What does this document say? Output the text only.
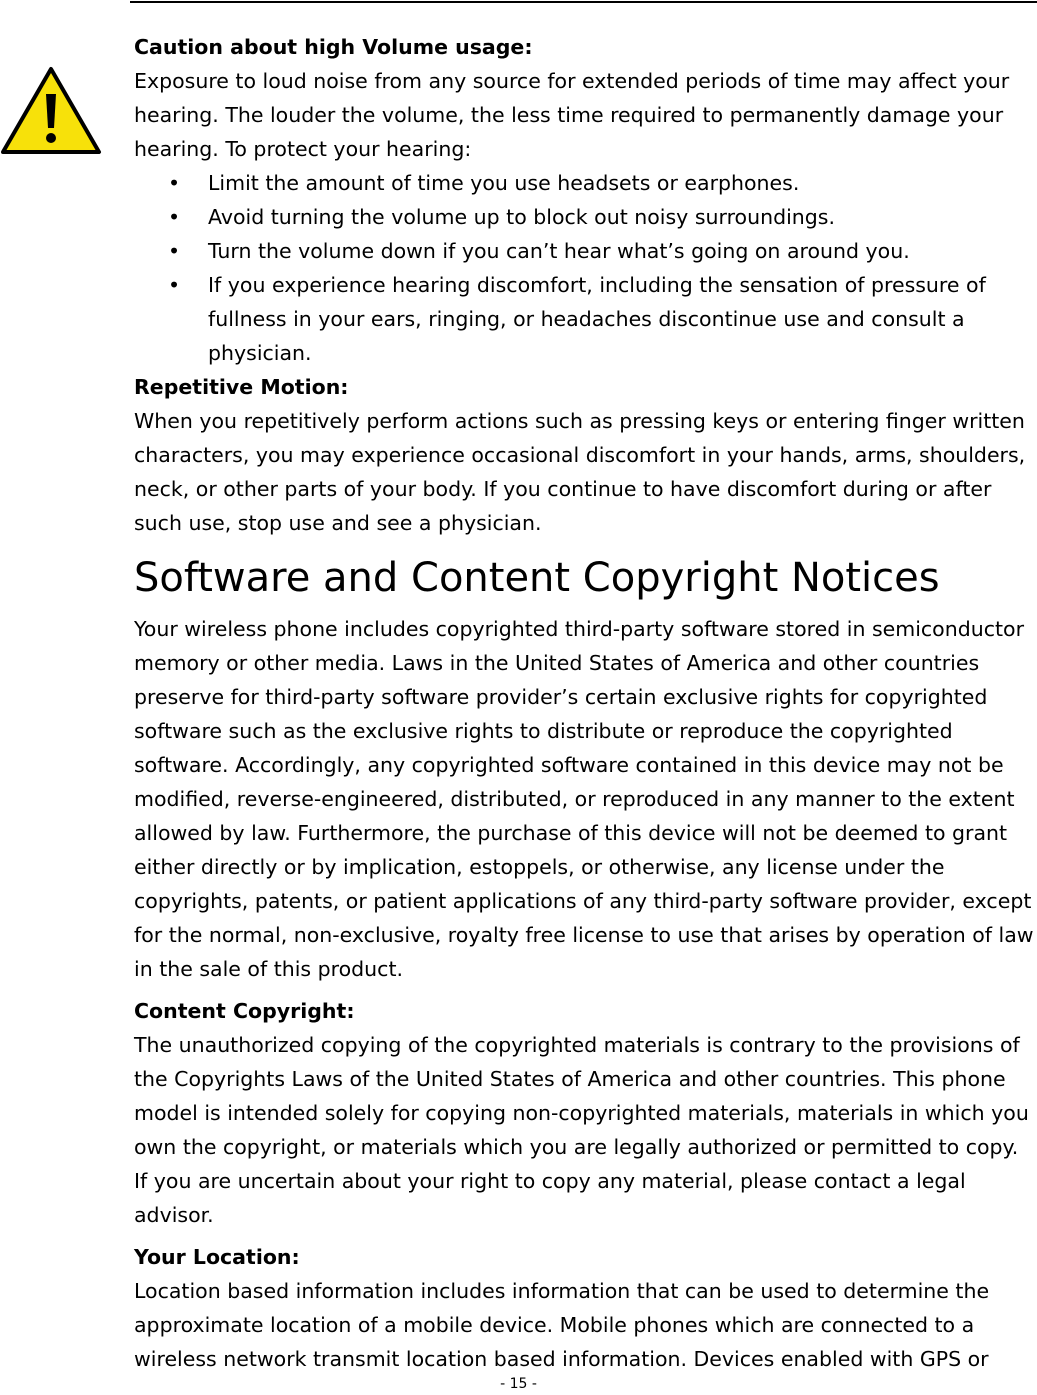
Caution about high Volume usage:

Exposure to loud noise from any source for extended periods of time may affect your hearing. The louder the volume, the less time required to permanently damage your hearing. To protect your hearing:

• Limit the amount of time you use headsets or earphones.
• Avoid turning the volume up to block out noisy surroundings.
• Turn the volume down if you can’t hear what’s going on around you.
• If you experience hearing discomfort, including the sensation of pressure of fullness in your ears, ringing, or headaches discontinue use and consult a physician.

Repetitive Motion:

When you repetitively perform actions such as pressing keys or entering finger written characters, you may experience occasional discomfort in your hands, arms, shoulders, neck, or other parts of your body. If you continue to have discomfort during or after such use, stop use and see a physician.

Software and Content Copyright Notices

Your wireless phone includes copyrighted third-party software stored in semiconductor memory or other media. Laws in the United States of America and other countries preserve for third-party software provider’s certain exclusive rights for copyrighted software such as the exclusive rights to distribute or reproduce the copyrighted software. Accordingly, any copyrighted software contained in this device may not be modified, reverse-engineered, distributed, or reproduced in any manner to the extent allowed by law. Furthermore, the purchase of this device will not be deemed to grant either directly or by implication, estoppels, or otherwise, any license under the copyrights, patents, or patient applications of any third-party software provider, except for the normal, non-exclusive, royalty free license to use that arises by operation of law in the sale of this product.

Content Copyright:

The unauthorized copying of the copyrighted materials is contrary to the provisions of the Copyrights Laws of the United States of America and other countries. This phone model is intended solely for copying non-copyrighted materials, materials in which you own the copyright, or materials which you are legally authorized or permitted to copy. If you are uncertain about your right to copy any material, please contact a legal advisor.

Your Location:

Location based information includes information that can be used to determine the approximate location of a mobile device. Mobile phones which are connected to a wireless network transmit location based information. Devices enabled with GPS or

- 15 -
